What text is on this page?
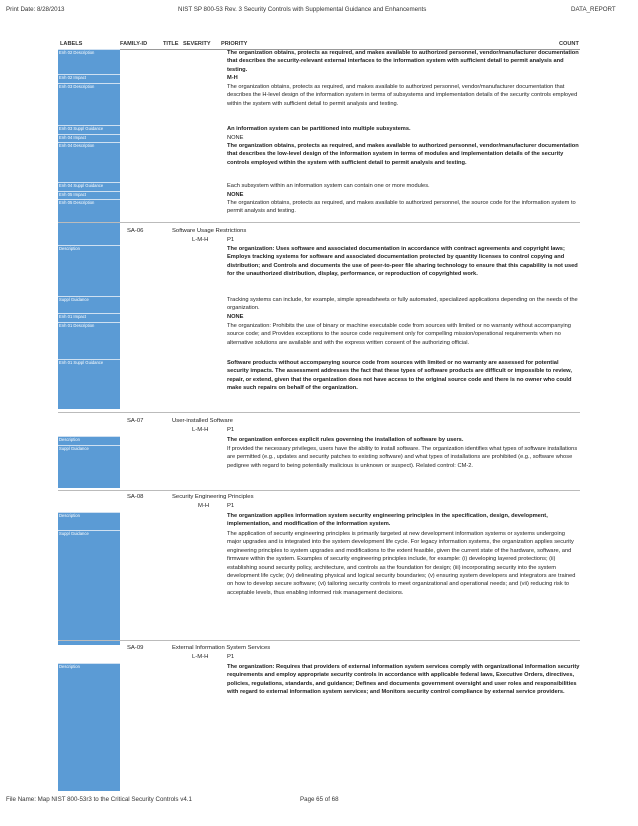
Print Date: 8/28/2013	NIST SP 800-53 Rev. 3 Security Controls with Supplemental Guidance and Enhancements	DATA_REPORT
LABELS	FAMILY-ID	TITLE SEVERITY PRIORITY	COUNT
Enh 02 Description	The organization obtains, protects as required, and makes available to authorized personnel, vendor/manufacturer documentation that describes the security-relevant external interfaces to the information system with sufficient detail to permit analysis and testing.
Enh 02 Impact	M-H
Enh 03 Description	The organization obtains, protects as required, and makes available to authorized personnel, vendor/manufacturer documentation that describes the H-level design of the information system in terms of subsystems and implementation details of the security controls employed within the system with sufficient detail to permit analysis and testing.
Enh 03 Suppl Guidance	An information system can be partitioned into multiple subsystems.
Enh 04 Impact	NONE
Enh 04 Description	The organization obtains, protects as required, and makes available to authorized personnel, vendor/manufacturer documentation that describes the low-level design of the information system in terms of modules and implementation details of the security controls employed within the system with sufficient detail to permit analysis and testing.
Enh 04 Suppl Guidance	Each subsystem within an information system can contain one or more modules.
Enh 05 Impact	NONE
Enh 05 Description	The organization obtains, protects as required, and makes available to authorized personnel, the source code for the information system to permit analysis and testing.
SA-06	Software Usage Restrictions
L-M-H	P1
Description	The organization: Uses software and associated documentation in accordance with contract agreements and copyright laws; Employs tracking systems for software and associated documentation protected by quantity licenses to control copying and distribution; and Controls and documents the use of peer-to-peer file sharing technology to ensure that this capability is not used for the unauthorized distribution, display, performance, or reproduction of copyrighted work.
Suppl Guidance	Tracking systems can include, for example, simple spreadsheets or fully automated, specialized applications depending on the needs of the organization.
Enh 01 Impact	NONE
Enh 01 Description	The organization: Prohibits the use of binary or machine executable code from sources with limited or no warranty without accompanying source code; and Provides exceptions to the source code requirement only for compelling mission/operational requirements when no alternative solutions are available and with the express written consent of the authorizing official.
Enh 01 Suppl Guidance	Software products without accompanying source code from sources with limited or no warranty are assessed for potential security impacts. The assessment addresses the fact that these types of software products are difficult or impossible to review, repair, or extend, given that the organization does not have access to the original source code and there is no owner who could make such repairs on behalf of the organization.
SA-07	User-installed Software
L-M-H	P1
Description	The organization enforces explicit rules governing the installation of software by users.
Suppl Guidance	If provided the necessary privileges, users have the ability to install software. The organization identifies what types of software installations are permitted (e.g., updates and security patches to existing software) and what types of installations are prohibited (e.g., software whose pedigree with regard to being potentially malicious is unknown or suspect). Related control: CM-2.
SA-08	Security Engineering Principles
M-H	P1
Description	The organization applies information system security engineering principles in the specification, design, development, implementation, and modification of the information system.
Suppl Guidance	The application of security engineering principles is primarily targeted at new development information systems or systems undergoing major upgrades and is integrated into the system development life cycle. For legacy information systems, the organization applies security engineering principles to system upgrades and modifications to the extent feasible, given the current state of the hardware, software, and firmware within the system. Examples of security engineering principles include, for example: (i) developing layered protections; (ii) establishing sound security policy, architecture, and controls as the foundation for design; (iii) incorporating security into the system development life cycle; (iv) delineating physical and logical security boundaries; (v) ensuring system developers and integrators are trained on how to develop secure software; (vi) tailoring security controls to meet organizational and operational needs; and (vii) reducing risk to acceptable levels, thus enabling informed risk management decisions.
SA-09	External Information System Services
L-M-H	P1
Description	The organization: Requires that providers of external information system services comply with organizational information security requirements and employ appropriate security controls in accordance with applicable federal laws, Executive Orders, directives, policies, regulations, standards, and guidance; Defines and documents government oversight and user roles and responsibilities with regard to external information system services; and Monitors security control compliance by external service providers.
File Name: Map NIST 800-53r3 to the Critical Security Controls v4.1	Page 65 of 68
